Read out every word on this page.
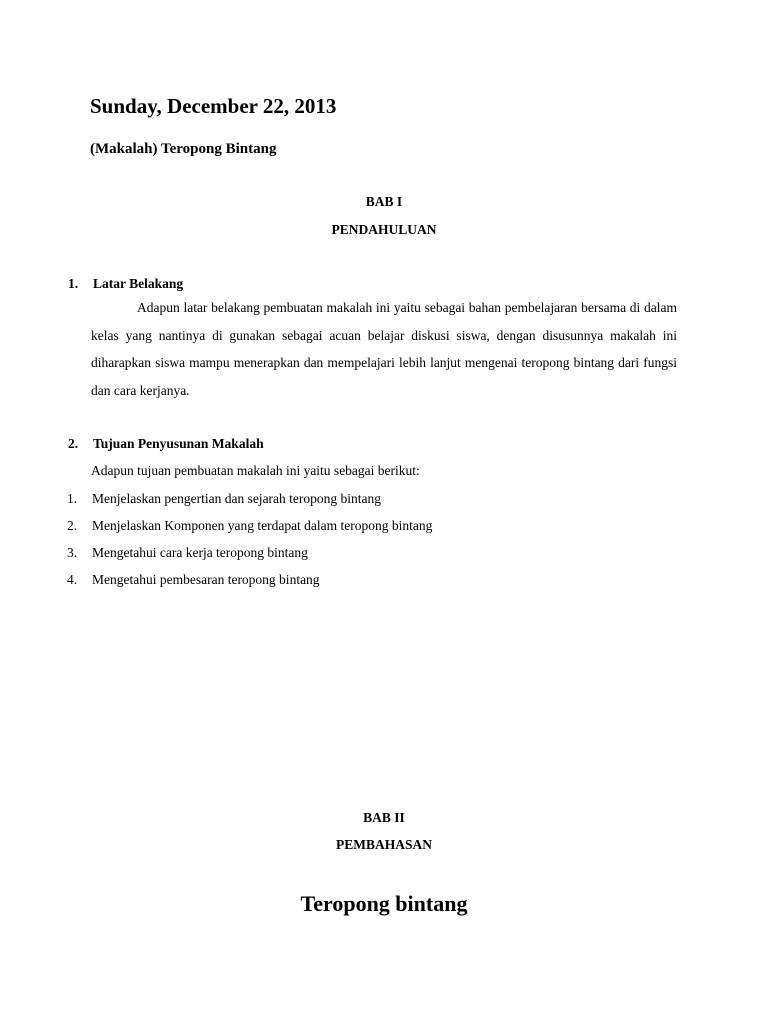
Sunday, December 22, 2013
(Makalah) Teropong Bintang
BAB I
PENDAHULUAN
1. Latar Belakang
Adapun latar belakang pembuatan makalah ini yaitu sebagai bahan pembelajaran bersama di dalam kelas yang nantinya di gunakan sebagai acuan belajar diskusi siswa, dengan disusunnya makalah ini diharapkan siswa mampu menerapkan dan mempelajari lebih lanjut mengenai teropong bintang dari fungsi dan cara kerjanya.
2. Tujuan Penyusunan Makalah
Adapun tujuan pembuatan makalah ini yaitu sebagai berikut:
1. Menjelaskan pengertian dan sejarah teropong bintang
2. Menjelaskan Komponen yang terdapat dalam teropong bintang
3. Mengetahui cara kerja teropong bintang
4. Mengetahui pembesaran teropong bintang
BAB II
PEMBAHASAN
Teropong bintang
